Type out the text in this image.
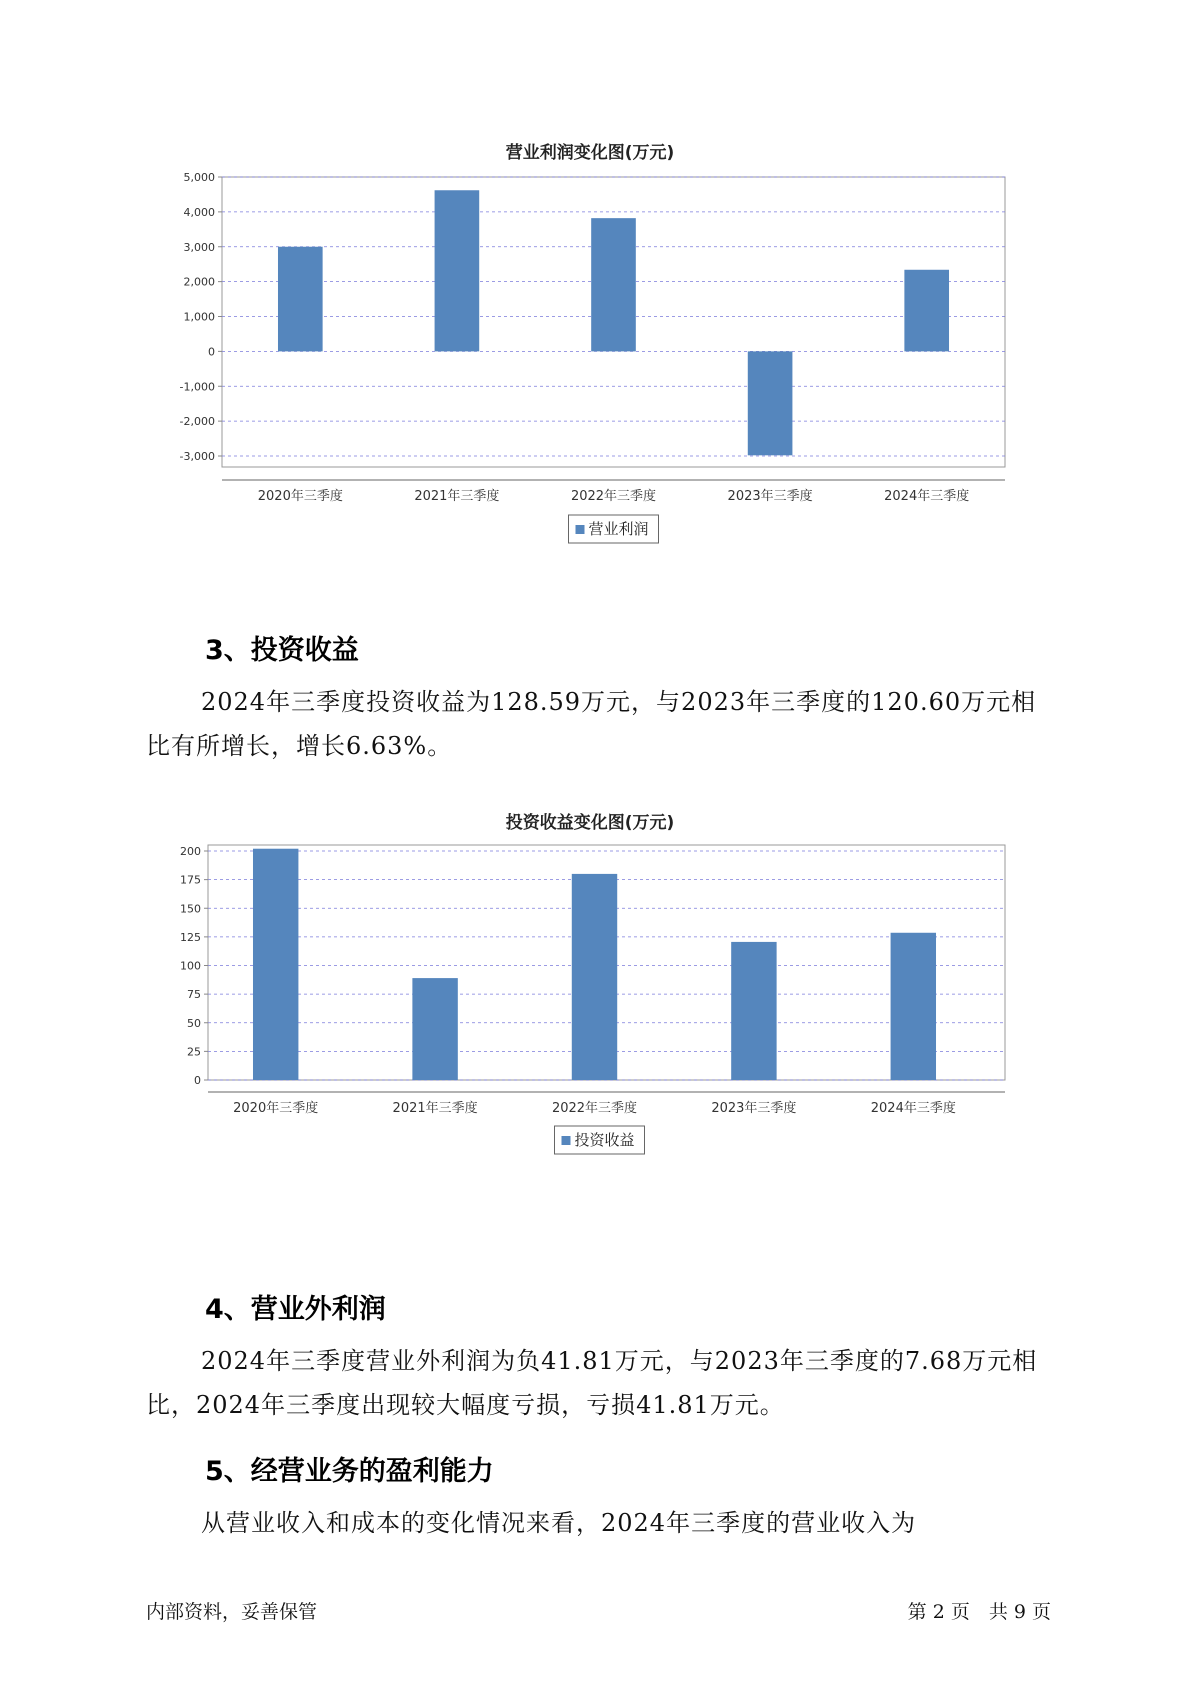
营业利润变化图(万元)
5,000
4,000
3,000
2,000
1,000
0
-1,000
-2,000
-3,000
2020年三季度	2021年三季度	2022年三季度	2023年三季度	2024年三季度
营业利润
3、投资收益

2024年三季度投资收益为128.59万元，与2023年三季度的120.60万元相比有所增长，增长6.63%。

投资收益变化图(万元)
200
175
150
125
100
75
50
25
0
2020年三季度	2021年三季度	2022年三季度	2023年三季度	2024年三季度
投资收益
4、营业外利润

2024年三季度营业外利润为负41.81万元，与2023年三季度的7.68万元相比，2024年三季度出现较大幅度亏损，亏损41.81万元。

5、经营业务的盈利能力

从营业收入和成本的变化情况来看，2024年三季度的营业收入为

内部资料，妥善保管	第 2 页　共 9 页
